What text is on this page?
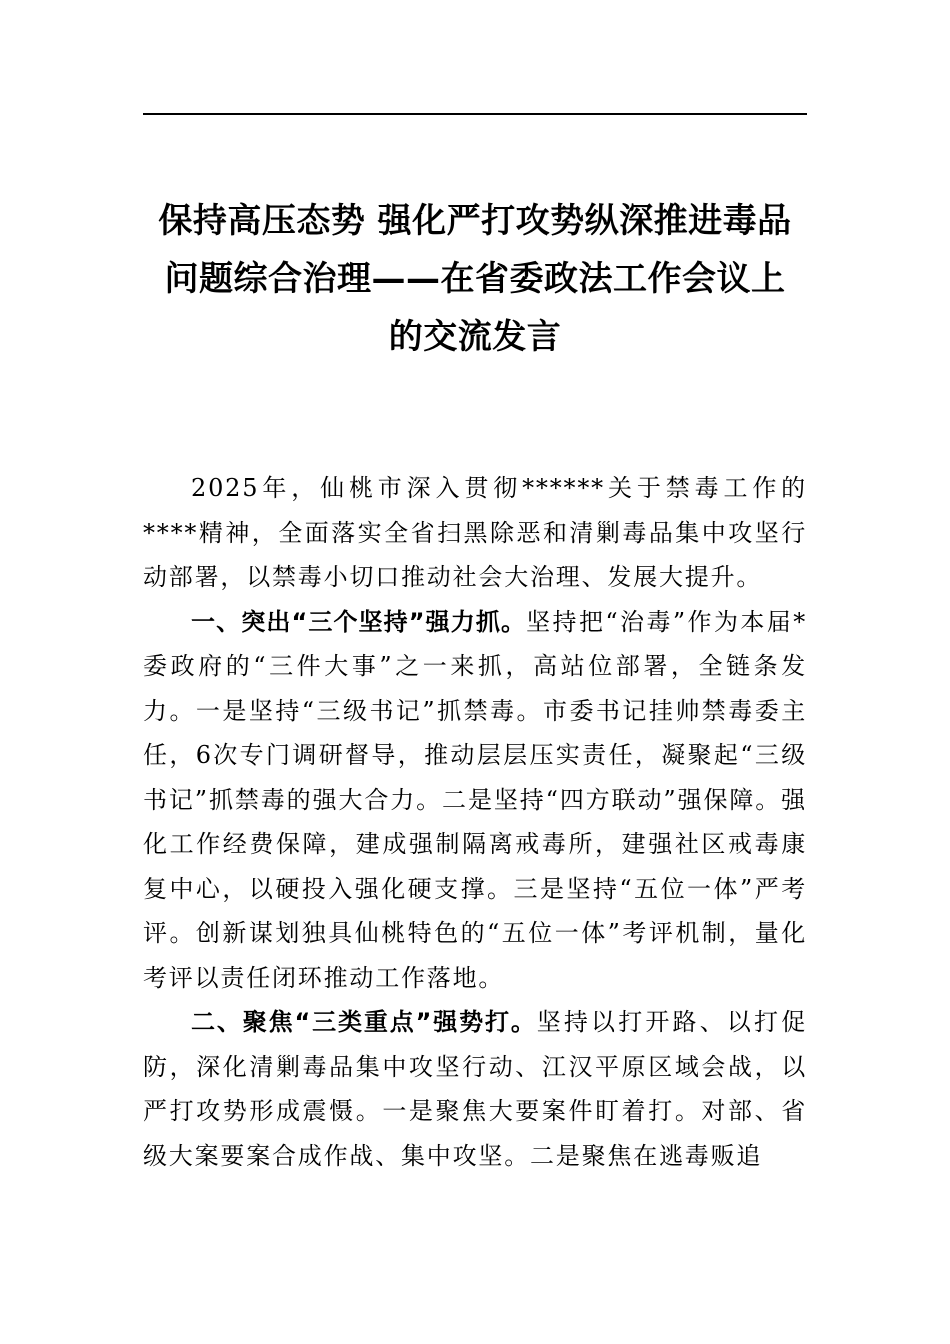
保持高压态势 强化严打攻势纵深推进毒品
问题综合治理——在省委政法工作会议上
的交流发言

2025年，仙桃市深入贯彻******关于禁毒工作的****精神，全面落实全省扫黑除恶和清剿毒品集中攻坚行动部署，以禁毒小切口推动社会大治理、发展大提升。

一、突出“三个坚持”强力抓。坚持把“治毒”作为本届*委政府的“三件大事”之一来抓，高站位部署，全链条发力。一是坚持“三级书记”抓禁毒。市委书记挂帅禁毒委主任，6次专门调研督导，推动层层压实责任，凝聚起“三级书记”抓禁毒的强大合力。二是坚持“四方联动”强保障。强化工作经费保障，建成强制隔离戒毒所，建强社区戒毒康复中心，以硬投入强化硬支撑。三是坚持“五位一体”严考评。创新谋划独具仙桃特色的“五位一体”考评机制，量化考评以责任闭环推动工作落地。

二、聚焦“三类重点”强势打。坚持以打开路、以打促防，深化清剿毒品集中攻坚行动、江汉平原区域会战，以严打攻势形成震慑。一是聚焦大要案件盯着打。对部、省级大案要案合成作战、集中攻坚。二是聚焦在逃毒贩追
